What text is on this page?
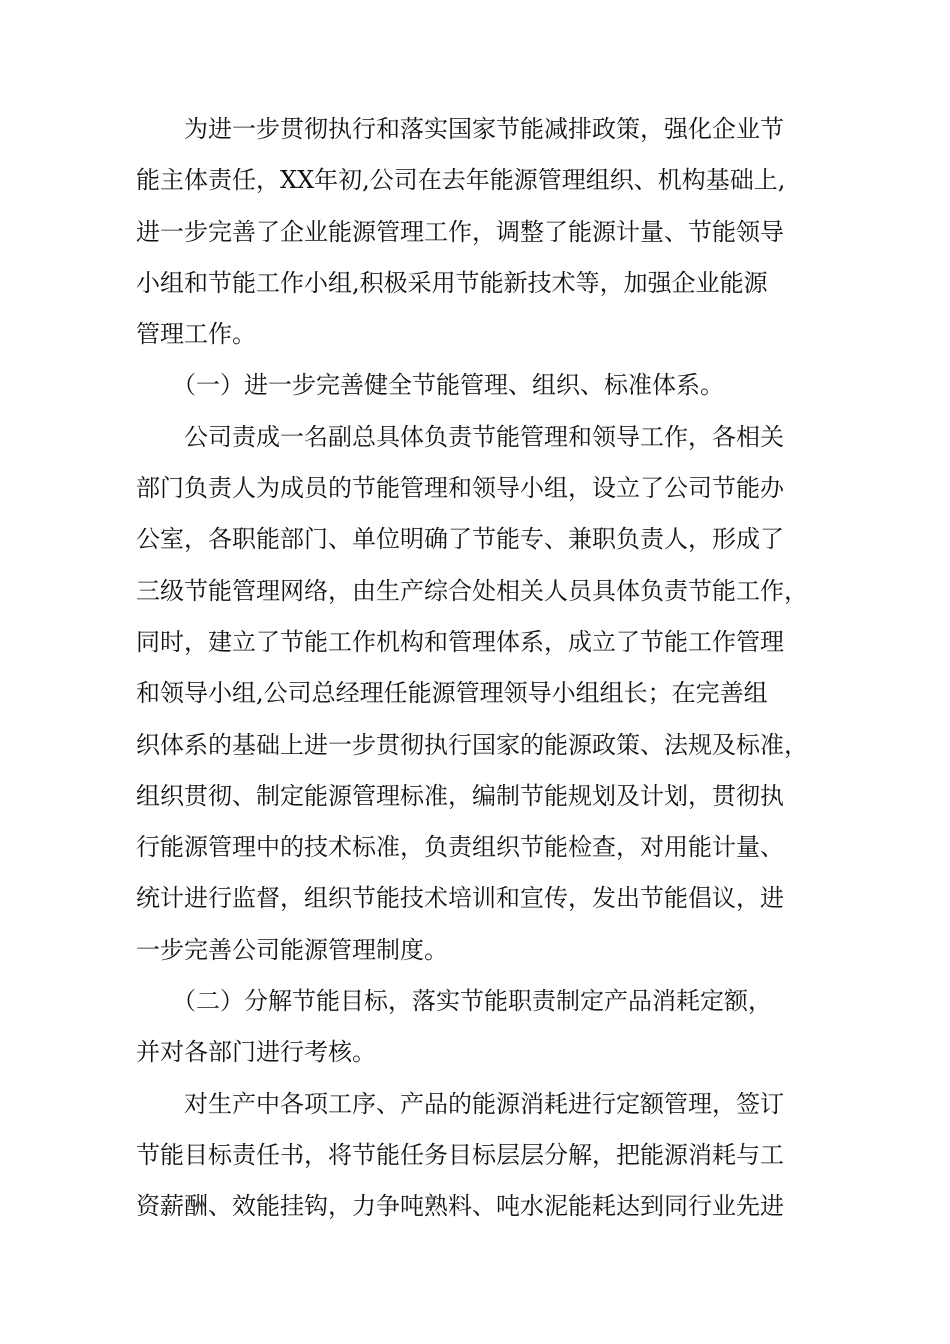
　　为进一步贯彻执行和落实国家节能减排政策，强化企业节
能主体责任，XX年初,公司在去年能源管理组织、机构基础上,
进一步完善了企业能源管理工作，调整了能源计量、节能领导
小组和节能工作小组,积极采用节能新技术等，加强企业能源
管理工作。
　　（一）进一步完善健全节能管理、组织、标准体系。
　　公司责成一名副总具体负责节能管理和领导工作，各相关
部门负责人为成员的节能管理和领导小组，设立了公司节能办
公室，各职能部门、单位明确了节能专、兼职负责人，形成了
三级节能管理网络，由生产综合处相关人员具体负责节能工作，
同时，建立了节能工作机构和管理体系，成立了节能工作管理
和领导小组,公司总经理任能源管理领导小组组长；在完善组
织体系的基础上进一步贯彻执行国家的能源政策、法规及标准，
组织贯彻、制定能源管理标准，编制节能规划及计划，贯彻执
行能源管理中的技术标准，负责组织节能检查，对用能计量、
统计进行监督，组织节能技术培训和宣传，发出节能倡议，进
一步完善公司能源管理制度。
　　（二）分解节能目标，落实节能职责制定产品消耗定额，
并对各部门进行考核。
　　对生产中各项工序、产品的能源消耗进行定额管理，签订
节能目标责任书，将节能任务目标层层分解，把能源消耗与工
资薪酬、效能挂钩，力争吨熟料、吨水泥能耗达到同行业先进
